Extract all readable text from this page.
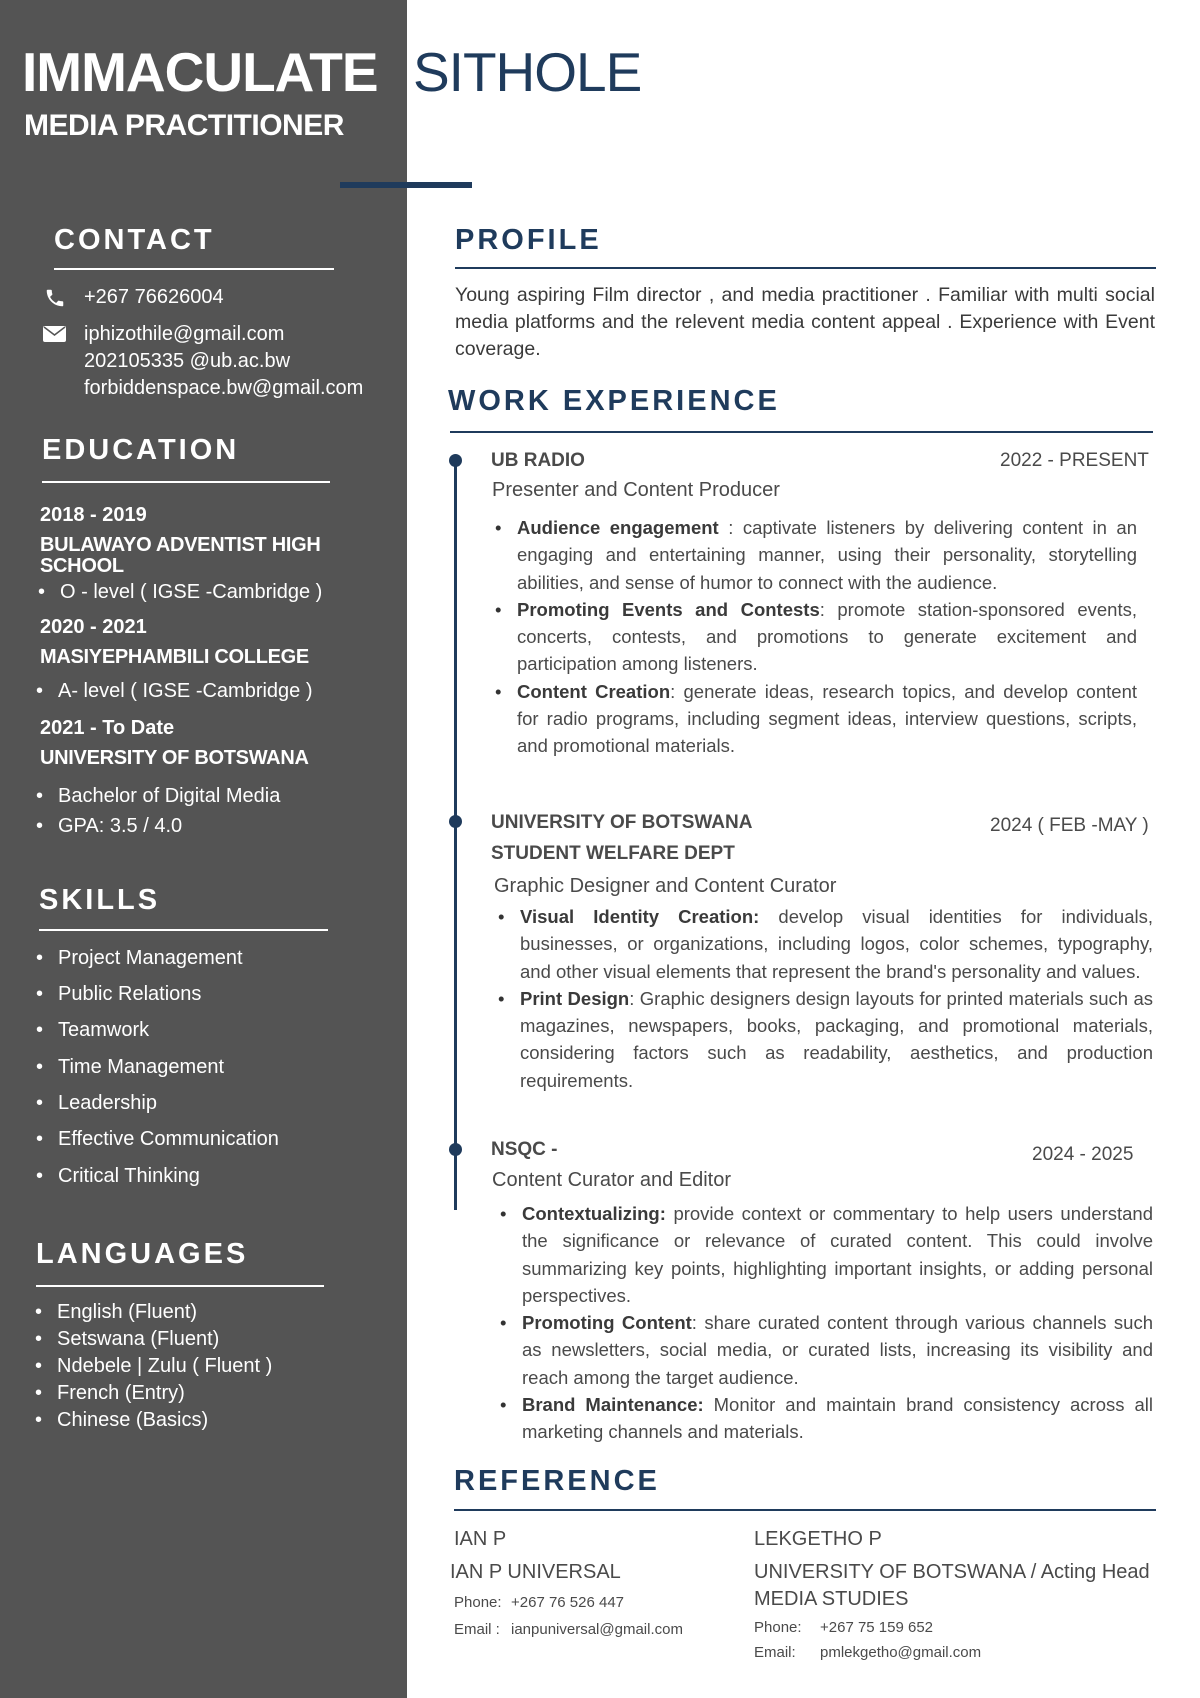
IMMACULATE SITHOLE
MEDIA PRACTITIONER
CONTACT
+267 76626004
iphizothile@gmail.com
202105335 @ub.ac.bw
forbiddenspace.bw@gmail.com
EDUCATION
2018 - 2019
BULAWAYO ADVENTIST HIGH SCHOOL
• O - level ( IGSE -Cambridge )
2020 - 2021
MASIYEPHAMBILI COLLEGE
• A- level ( IGSE -Cambridge )
2021 - To Date
UNIVERSITY OF BOTSWANA
• Bachelor of Digital Media
• GPA: 3.5 / 4.0
SKILLS
• Project Management
• Public Relations
• Teamwork
• Time Management
• Leadership
• Effective Communication
• Critical Thinking
LANGUAGES
• English (Fluent)
• Setswana (Fluent)
• Ndebele | Zulu ( Fluent )
• French (Entry)
• Chinese (Basics)
PROFILE
Young aspiring Film director , and media practitioner . Familiar with multi social media platforms and the relevent media content appeal . Experience with Event coverage.
WORK EXPERIENCE
UB RADIO	2022 - PRESENT
Presenter and Content Producer
• Audience engagement : captivate listeners by delivering content in an engaging and entertaining manner, using their personality, storytelling abilities, and sense of humor to connect with the audience.
• Promoting Events and Contests: promote station-sponsored events, concerts, contests, and promotions to generate excitement and participation among listeners.
• Content Creation: generate ideas, research topics, and develop content for radio programs, including segment ideas, interview questions, scripts, and promotional materials.
UNIVERSITY OF BOTSWANA
STUDENT WELFARE DEPT
2024 ( FEB -MAY )
Graphic Designer and Content Curator
• Visual Identity Creation: develop visual identities for individuals, businesses, or organizations, including logos, color schemes, typography, and other visual elements that represent the brand's personality and values.
• Print Design: Graphic designers design layouts for printed materials such as magazines, newspapers, books, packaging, and promotional materials, considering factors such as readability, aesthetics, and production requirements.
NSQC -	2024 - 2025
Content Curator and Editor
• Contextualizing: provide context or commentary to help users understand the significance or relevance of curated content. This could involve summarizing key points, highlighting important insights, or adding personal perspectives.
• Promoting Content: share curated content through various channels such as newsletters, social media, or curated lists, increasing its visibility and reach among the target audience.
• Brand Maintenance: Monitor and maintain brand consistency across all marketing channels and materials.
REFERENCE
IAN P
IAN P UNIVERSAL
Phone: +267 76 526 447
Email : ianpuniversal@gmail.com
LEKGETHO P
UNIVERSITY OF BOTSWANA / Acting Head MEDIA STUDIES
Phone: +267 75 159 652
Email: pmlekgetho@gmail.com
